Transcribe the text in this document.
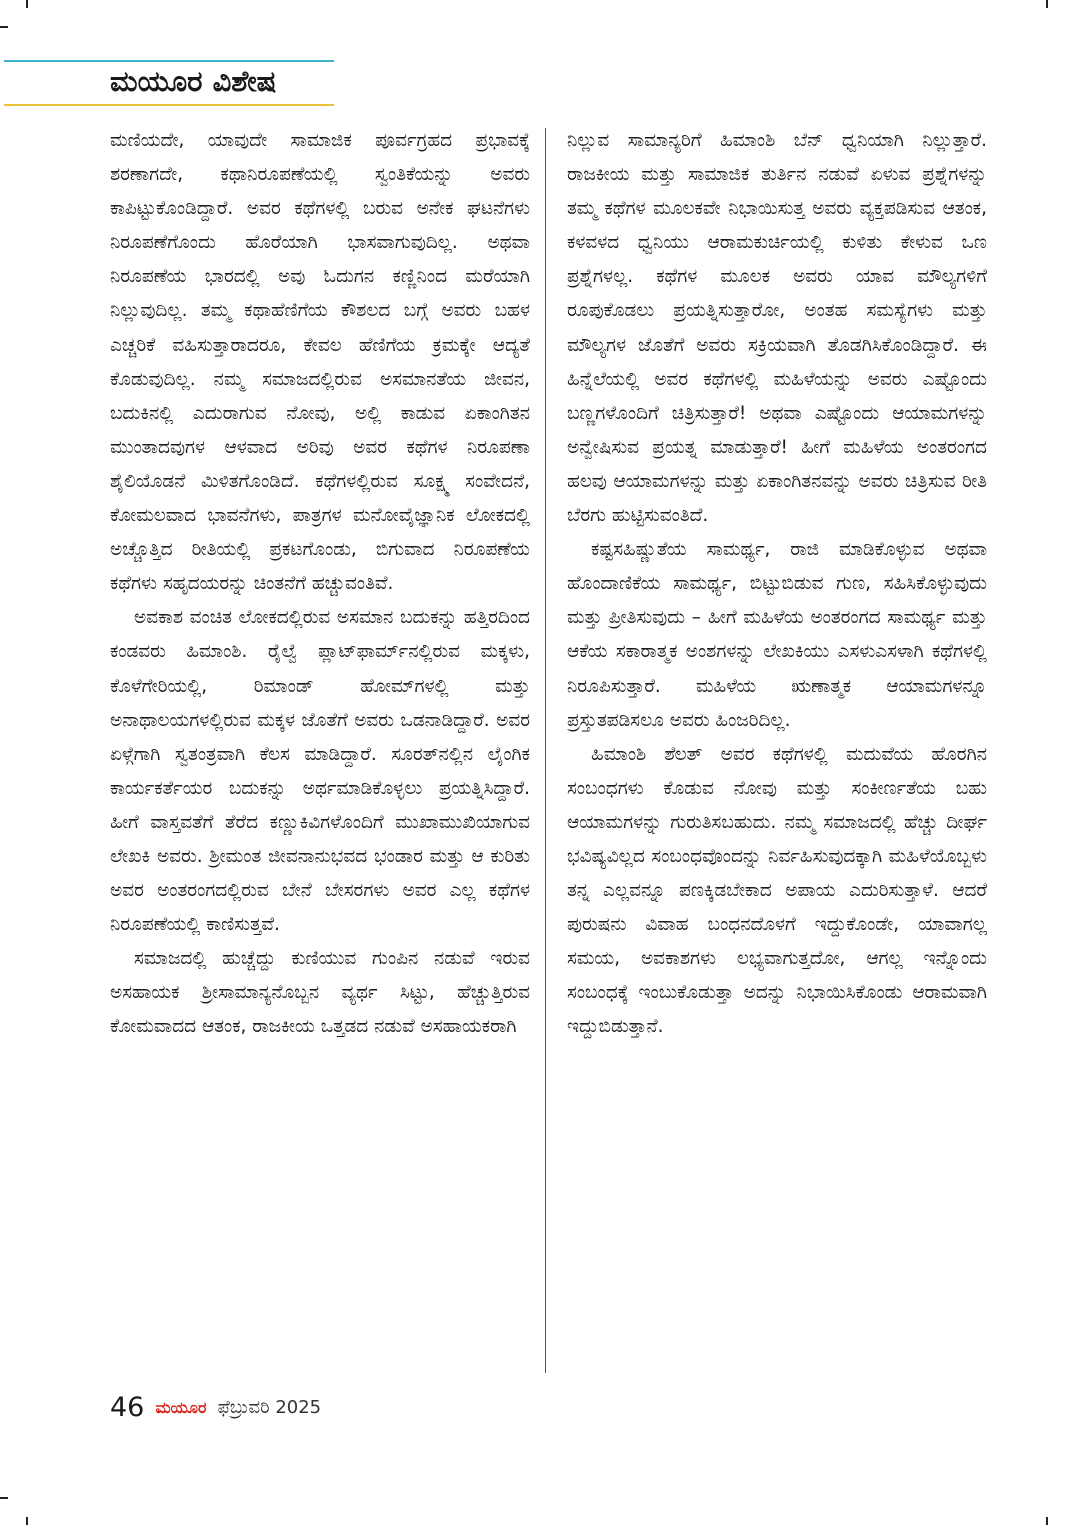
ಮಯೂರ ವಿಶೇಷ

ಮಣಿಯದೇ, ಯಾವುದೇ ಸಾಮಾಜಿಕ ಪೂರ್ವಗ್ರಹದ ಪ್ರಭಾವಕ್ಕೆ ಶರಣಾಗದೇ, ಕಥಾನಿರೂಪಣೆಯಲ್ಲಿ ಸ್ವಂತಿಕೆಯನ್ನು ಅವರು ಕಾಪಿಟ್ಟುಕೊಂಡಿದ್ದಾರೆ. ಅವರ ಕಥೆಗಳಲ್ಲಿ ಬರುವ ಅನೇಕ ಘಟನೆಗಳು ನಿರೂಪಣೆಗೊಂದು ಹೊರೆಯಾಗಿ ಭಾಸವಾಗುವುದಿಲ್ಲ. ಅಥವಾ ನಿರೂಪಣೆಯ ಭಾರದಲ್ಲಿ ಅವು ಓದುಗನ ಕಣ್ಣಿನಿಂದ ಮರೆಯಾಗಿ ನಿಲ್ಲುವುದಿಲ್ಲ. ತಮ್ಮ ಕಥಾಹೆಣಿಗೆಯ ಕೌಶಲದ ಬಗ್ಗೆ ಅವರು ಬಹಳ ಎಚ್ಚರಿಕೆ ವಹಿಸುತ್ತಾರಾದರೂ, ಕೇವಲ ಹೆಣಿಗೆಯ ಕ್ರಮಕ್ಕೇ ಆದ್ಯತೆ ಕೊಡುವುದಿಲ್ಲ. ನಮ್ಮ ಸಮಾಜದಲ್ಲಿರುವ ಅಸಮಾನತೆಯ ಜೀವನ, ಬದುಕಿನಲ್ಲಿ ಎದುರಾಗುವ ನೋವು, ಅಲ್ಲಿ ಕಾಡುವ ಏಕಾಂಗಿತನ ಮುಂತಾದವುಗಳ ಆಳವಾದ ಅರಿವು ಅವರ ಕಥೆಗಳ ನಿರೂಪಣಾ ಶೈಲಿಯೊಡನೆ ಮಿಳಿತಗೊಂಡಿದೆ. ಕಥೆಗಳಲ್ಲಿರುವ ಸೂಕ್ಷ್ಮ ಸಂವೇದನೆ, ಕೋಮಲವಾದ ಭಾವನೆಗಳು, ಪಾತ್ರಗಳ ಮನೋವೈಜ್ಞಾನಿಕ ಲೋಕದಲ್ಲಿ ಅಚ್ಚೊತ್ತಿದ ರೀತಿಯಲ್ಲಿ ಪ್ರಕಟಗೊಂಡು, ಬಿಗುವಾದ ನಿರೂಪಣೆಯ ಕಥೆಗಳು ಸಹೃದಯರನ್ನು ಚಿಂತನೆಗೆ ಹಚ್ಚುವಂತಿವೆ.

ಅವಕಾಶ ವಂಚಿತ ಲೋಕದಲ್ಲಿರುವ ಅಸಮಾನ ಬದುಕನ್ನು ಹತ್ತಿರದಿಂದ ಕಂಡವರು ಹಿಮಾಂಶಿ. ರೈಲ್ವೆ ಪ್ಲಾಟ್‌ಫಾರ್ಮ್‌ನಲ್ಲಿರುವ ಮಕ್ಕಳು, ಕೊಳೆಗೇರಿಯಲ್ಲಿ, ರಿಮಾಂಡ್ ಹೋಮ್‌ಗಳಲ್ಲಿ ಮತ್ತು ಅನಾಥಾಲಯಗಳಲ್ಲಿರುವ ಮಕ್ಕಳ ಜೊತೆಗೆ ಅವರು ಒಡನಾಡಿದ್ದಾರೆ. ಅವರ ಏಳ್ಗೆಗಾಗಿ ಸ್ವತಂತ್ರವಾಗಿ ಕೆಲಸ ಮಾಡಿದ್ದಾರೆ. ಸೂರತ್‌ನಲ್ಲಿನ ಲೈಂಗಿಕ ಕಾರ್ಯಕರ್ತೆಯರ ಬದುಕನ್ನು ಅರ್ಥಮಾಡಿಕೊಳ್ಳಲು ಪ್ರಯತ್ನಿಸಿದ್ದಾರೆ. ಹೀಗೆ ವಾಸ್ತವತೆಗೆ ತೆರೆದ ಕಣ್ಣುಕಿವಿಗಳೊಂದಿಗೆ ಮುಖಾಮುಖಿಯಾಗುವ ಲೇಖಕಿ ಅವರು. ಶ್ರೀಮಂತ ಜೀವನಾನುಭವದ ಭಂಡಾರ ಮತ್ತು ಆ ಕುರಿತು ಅವರ ಅಂತರಂಗದಲ್ಲಿರುವ ಬೇನೆ ಬೇಸರಗಳು ಅವರ ಎಲ್ಲ ಕಥೆಗಳ ನಿರೂಪಣೆಯಲ್ಲಿ ಕಾಣಿಸುತ್ತವೆ.

ಸಮಾಜದಲ್ಲಿ ಹುಚ್ಚೆದ್ದು ಕುಣಿಯುವ ಗುಂಪಿನ ನಡುವೆ ಇರುವ ಅಸಹಾಯಕ ಶ್ರೀಸಾಮಾನ್ಯನೊಬ್ಬನ ವ್ಯರ್ಥ ಸಿಟ್ಟು, ಹೆಚ್ಚುತ್ತಿರುವ ಕೋಮವಾದದ ಆತಂಕ, ರಾಜಕೀಯ ಒತ್ತಡದ ನಡುವೆ ಅಸಹಾಯಕರಾಗಿ

ನಿಲ್ಲುವ ಸಾಮಾನ್ಯರಿಗೆ ಹಿಮಾಂಶಿ ಬೆನ್ ಧ್ವನಿಯಾಗಿ ನಿಲ್ಲುತ್ತಾರೆ. ರಾಜಕೀಯ ಮತ್ತು ಸಾಮಾಜಿಕ ತುರ್ತಿನ ನಡುವೆ ಏಳುವ ಪ್ರಶ್ನೆಗಳನ್ನು ತಮ್ಮ ಕಥೆಗಳ ಮೂಲಕವೇ ನಿಭಾಯಿಸುತ್ತ ಅವರು ವ್ಯಕ್ತಪಡಿಸುವ ಆತಂಕ, ಕಳವಳದ ಧ್ವನಿಯು ಆರಾಮಕುರ್ಚಿಯಲ್ಲಿ ಕುಳಿತು ಕೇಳುವ ಒಣ ಪ್ರಶ್ನೆಗಳಲ್ಲ. ಕಥೆಗಳ ಮೂಲಕ ಅವರು ಯಾವ ಮೌಲ್ಯಗಳಿಗೆ ರೂಪುಕೊಡಲು ಪ್ರಯತ್ನಿಸುತ್ತಾರೋ, ಅಂತಹ ಸಮಸ್ಯೆಗಳು ಮತ್ತು ಮೌಲ್ಯಗಳ ಜೊತೆಗೆ ಅವರು ಸಕ್ರಿಯವಾಗಿ ತೊಡಗಿಸಿಕೊಂಡಿದ್ದಾರೆ. ಈ ಹಿನ್ನೆಲೆಯಲ್ಲಿ ಅವರ ಕಥೆಗಳಲ್ಲಿ ಮಹಿಳೆಯನ್ನು ಅವರು ಎಷ್ಟೊಂದು ಬಣ್ಣಗಳೊಂದಿಗೆ ಚಿತ್ರಿಸುತ್ತಾರೆ! ಅಥವಾ ಎಷ್ಟೊಂದು ಆಯಾಮಗಳನ್ನು ಅನ್ವೇಷಿಸುವ ಪ್ರಯತ್ನ ಮಾಡುತ್ತಾರೆ! ಹೀಗೆ ಮಹಿಳೆಯ ಅಂತರಂಗದ ಹಲವು ಆಯಾಮಗಳನ್ನು ಮತ್ತು ಏಕಾಂಗಿತನವನ್ನು ಅವರು ಚಿತ್ರಿಸುವ ರೀತಿ ಬೆರಗು ಹುಟ್ಟಿಸುವಂತಿದೆ.

ಕಷ್ಟಸಹಿಷ್ಣುತೆಯ ಸಾಮರ್ಥ್ಯ, ರಾಜಿ ಮಾಡಿಕೊಳ್ಳುವ ಅಥವಾ ಹೊಂದಾಣಿಕೆಯ ಸಾಮರ್ಥ್ಯ, ಬಿಟ್ಟುಬಿಡುವ ಗುಣ, ಸಹಿಸಿಕೊಳ್ಳುವುದು ಮತ್ತು ಪ್ರೀತಿಸುವುದು – ಹೀಗೆ ಮಹಿಳೆಯ ಅಂತರಂಗದ ಸಾಮರ್ಥ್ಯ ಮತ್ತು ಆಕೆಯ ಸಕಾರಾತ್ಮಕ ಅಂಶಗಳನ್ನು ಲೇಖಕಿಯು ಎಸಳುಎಸಳಾಗಿ ಕಥೆಗಳಲ್ಲಿ ನಿರೂಪಿಸುತ್ತಾರೆ. ಮಹಿಳೆಯ ಋಣಾತ್ಮಕ ಆಯಾಮಗಳನ್ನೂ ಪ್ರಸ್ತುತಪಡಿಸಲೂ ಅವರು ಹಿಂಜರಿದಿಲ್ಲ.

ಹಿಮಾಂಶಿ ಶೆಲತ್ ಅವರ ಕಥೆಗಳಲ್ಲಿ ಮದುವೆಯ ಹೊರಗಿನ ಸಂಬಂಧಗಳು ಕೊಡುವ ನೋವು ಮತ್ತು ಸಂಕೀರ್ಣತೆಯ ಬಹು ಆಯಾಮಗಳನ್ನು ಗುರುತಿಸಬಹುದು. ನಮ್ಮ ಸಮಾಜದಲ್ಲಿ ಹೆಚ್ಚು ದೀರ್ಘ ಭವಿಷ್ಯವಿಲ್ಲದ ಸಂಬಂಧವೊಂದನ್ನು ನಿರ್ವಹಿಸುವುದಕ್ಕಾಗಿ ಮಹಿಳೆಯೊಬ್ಬಳು ತನ್ನ ಎಲ್ಲವನ್ನೂ ಪಣಕ್ಕಿಡಬೇಕಾದ ಅಪಾಯ ಎದುರಿಸುತ್ತಾಳೆ. ಆದರೆ ಪುರುಷನು ವಿವಾಹ ಬಂಧನದೊಳಗೆ ಇದ್ದುಕೊಂಡೇ, ಯಾವಾಗಲ್ಲ ಸಮಯ, ಅವಕಾಶಗಳು ಲಭ್ಯವಾಗುತ್ತದೋ, ಆಗಲ್ಲ ಇನ್ನೊಂದು ಸಂಬಂಧಕ್ಕೆ ಇಂಬುಕೊಡುತ್ತಾ ಅದನ್ನು ನಿಭಾಯಿಸಿಕೊಂಡು ಆರಾಮವಾಗಿ ಇದ್ದುಬಿಡುತ್ತಾನೆ.

46 ಮಯೂರ ಫೆಬ್ರುವರಿ 2025
